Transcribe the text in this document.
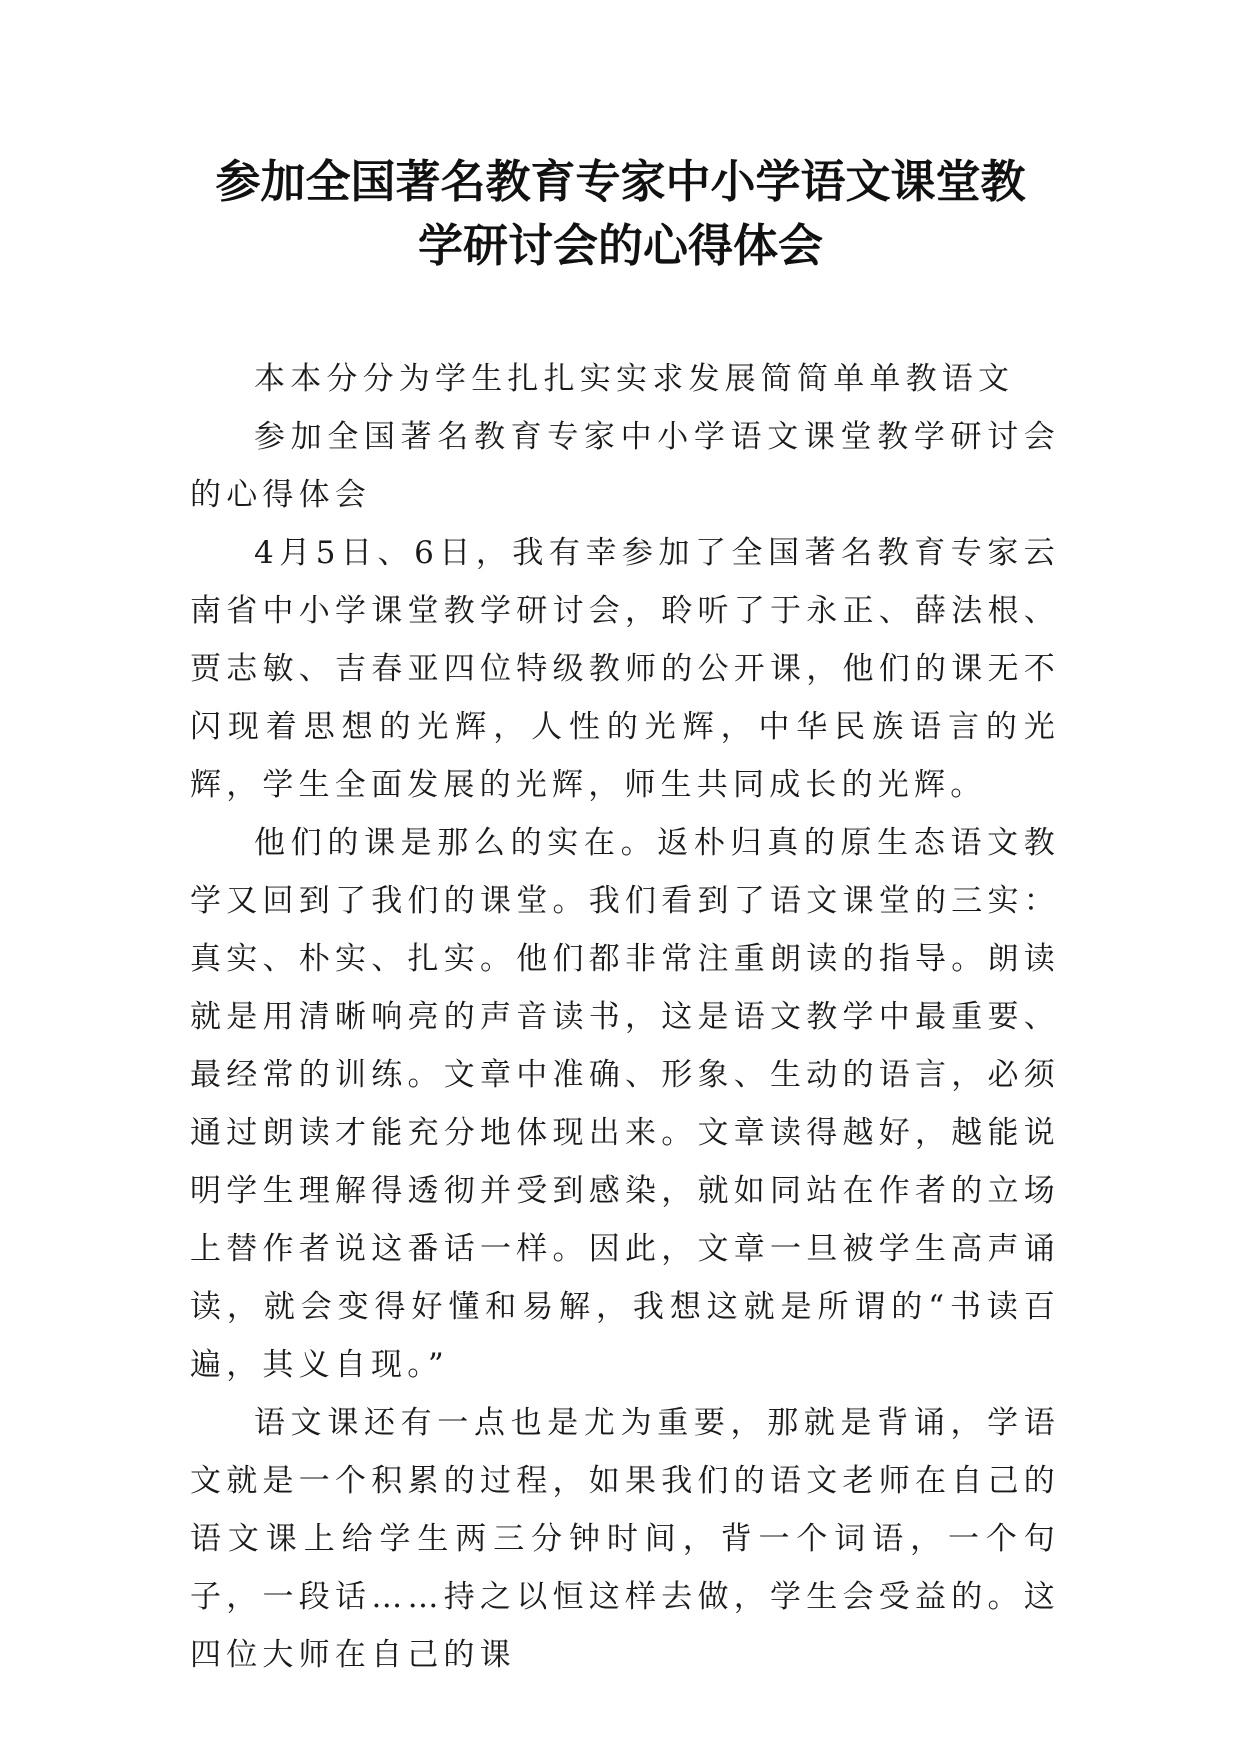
参加全国著名教育专家中小学语文课堂教
学研讨会的心得体会

本本分分为学生扎扎实实求发展简简单单教语文

参加全国著名教育专家中小学语文课堂教学研讨会的心得体会

4月5日、6日，我有幸参加了全国著名教育专家云南省中小学课堂教学研讨会，聆听了于永正、薛法根、贾志敏、吉春亚四位特级教师的公开课，他们的课无不闪现着思想的光辉，人性的光辉，中华民族语言的光辉，学生全面发展的光辉，师生共同成长的光辉。

他们的课是那么的实在。返朴归真的原生态语文教学又回到了我们的课堂。我们看到了语文课堂的三实：真实、朴实、扎实。他们都非常注重朗读的指导。朗读就是用清晰响亮的声音读书，这是语文教学中最重要、最经常的训练。文章中准确、形象、生动的语言，必须通过朗读才能充分地体现出来。文章读得越好，越能说明学生理解得透彻并受到感染，就如同站在作者的立场上替作者说这番话一样。因此，文章一旦被学生高声诵读，就会变得好懂和易解，我想这就是所谓的“书读百遍，其义自现。”

语文课还有一点也是尤为重要，那就是背诵，学语文就是一个积累的过程，如果我们的语文老师在自己的语文课上给学生两三分钟时间，背一个词语，一个句子，一段话……持之以恒这样去做，学生会受益的。这四位大师在自己的课
